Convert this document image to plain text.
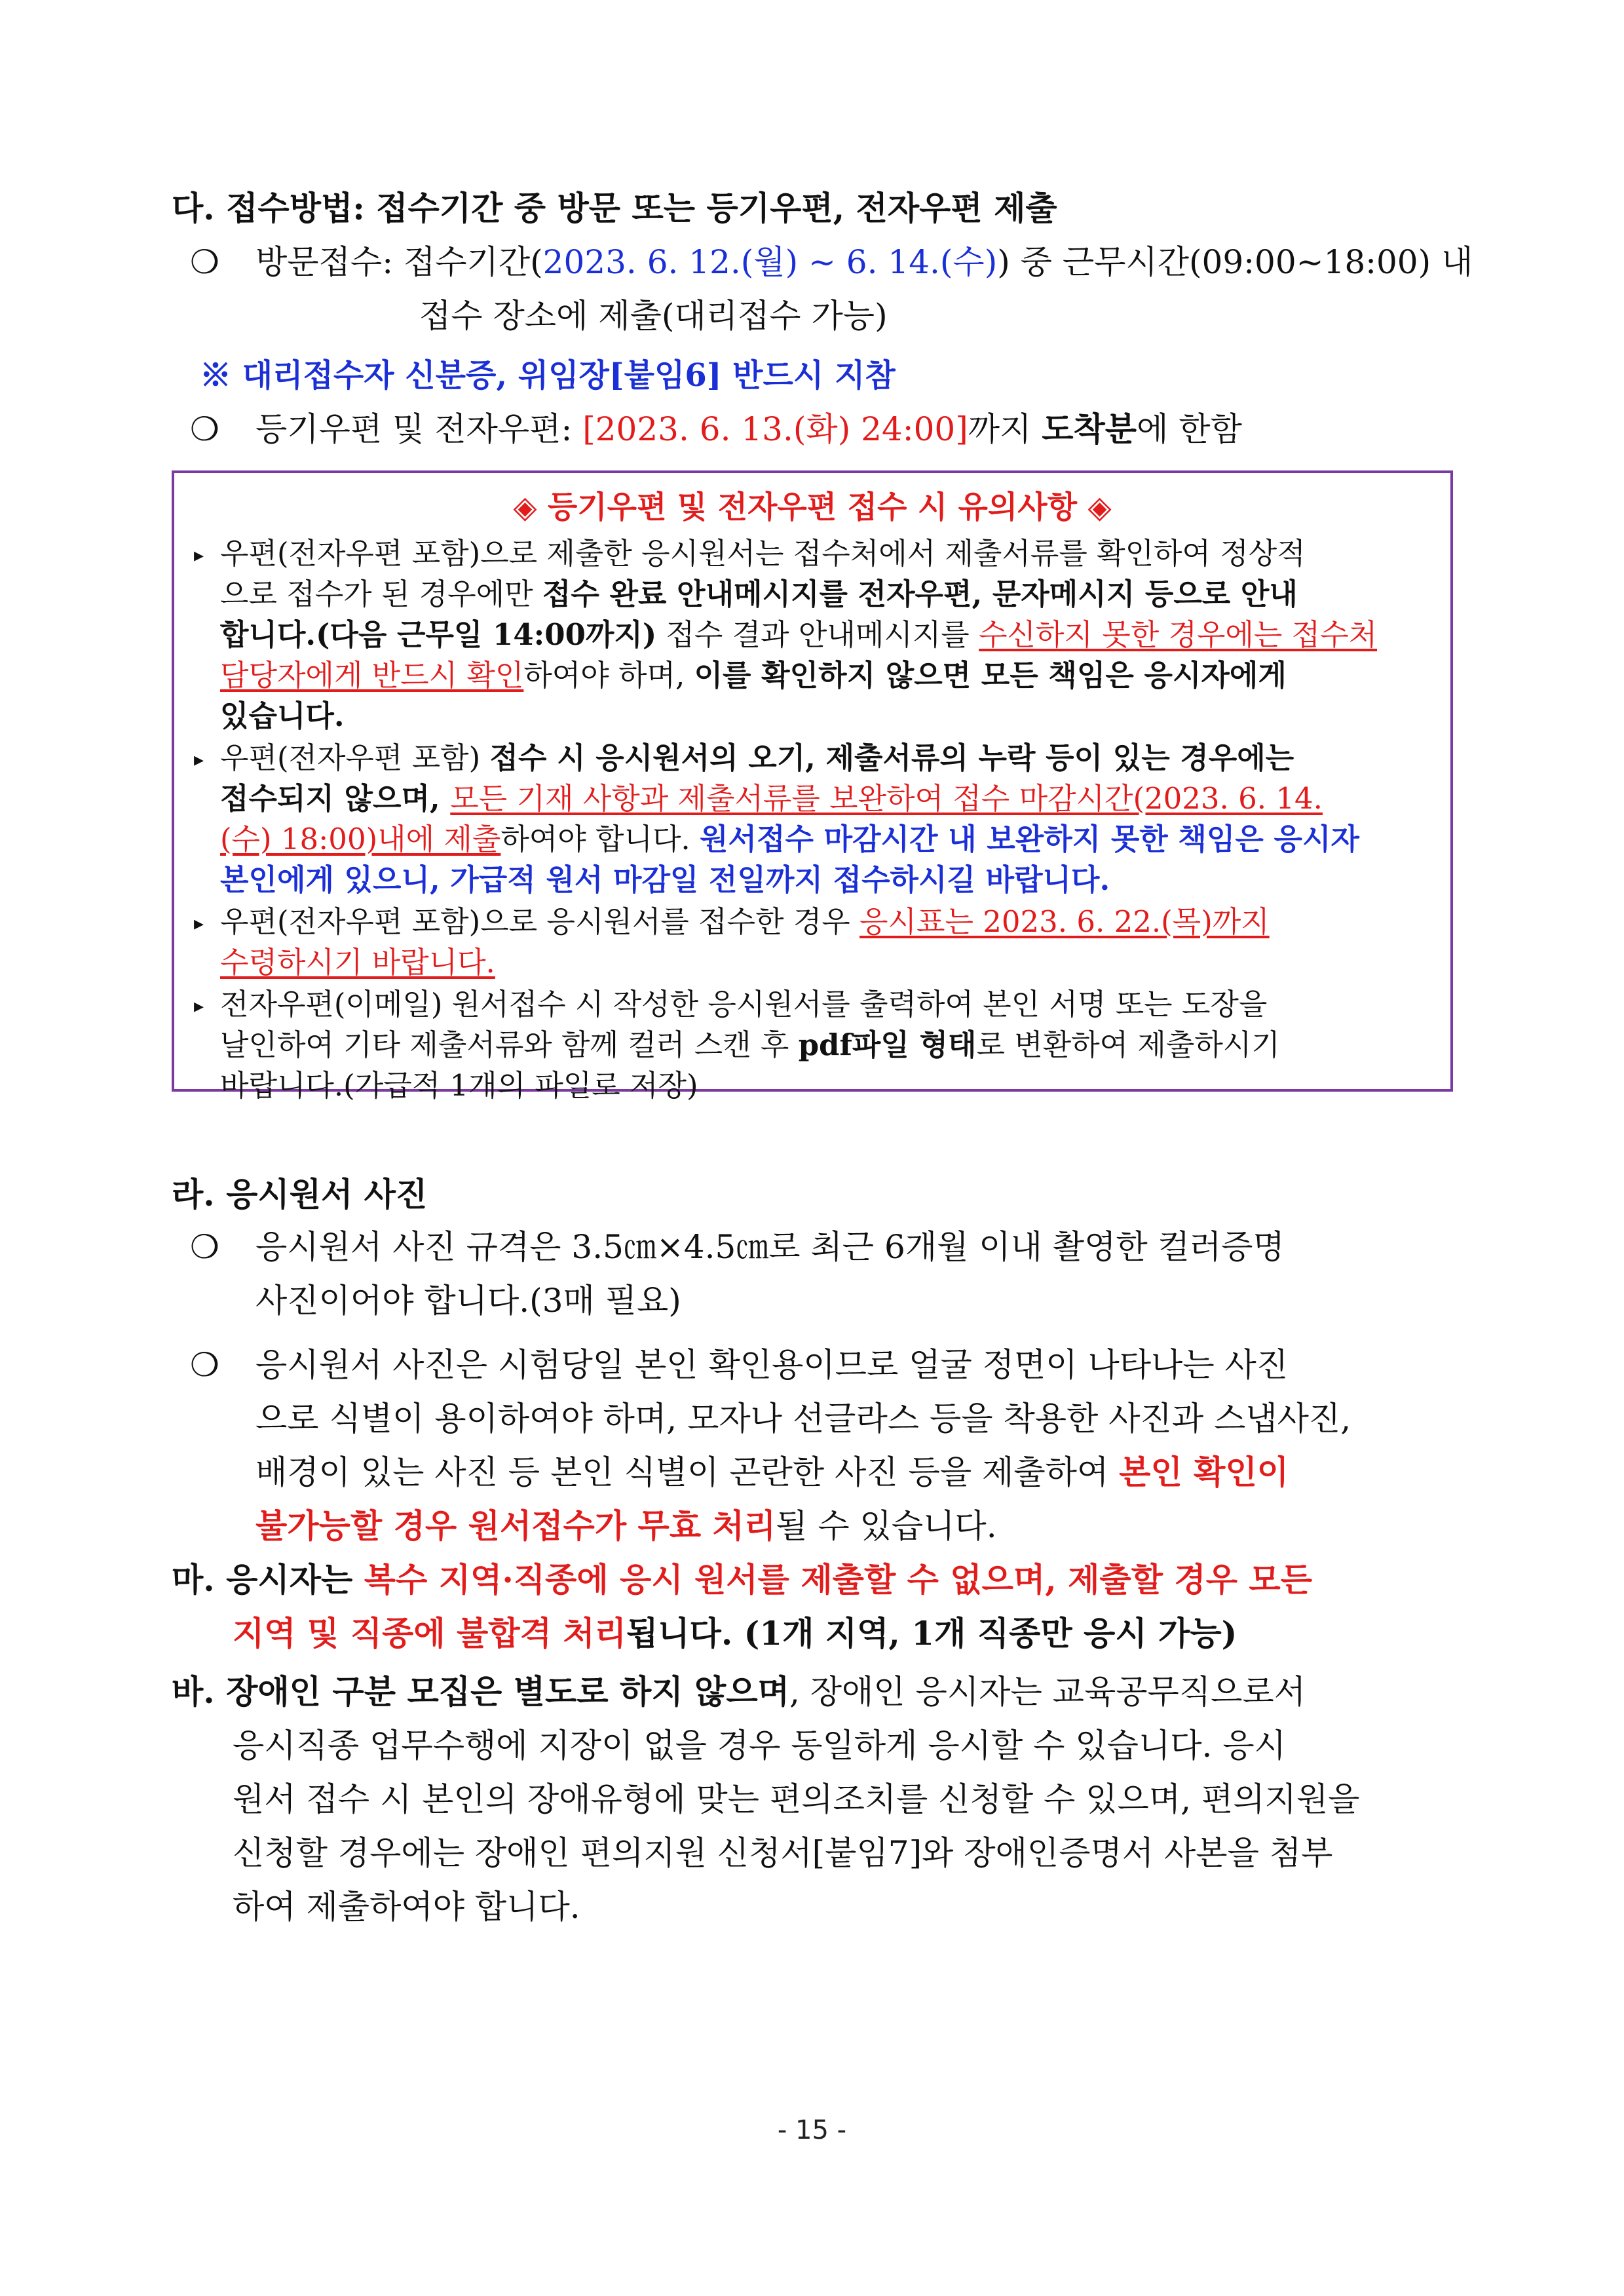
다. 접수방법: 접수기간 중 방문 또는 등기우편, 전자우편 제출
❍ 방문접수: 접수기간(2023. 6. 12.(월) ~ 6. 14.(수)) 중 근무시간(09:00~18:00) 내
접수 장소에 제출(대리접수 가능)
※ 대리접수자 신분증, 위임장[붙임6] 반드시 지참
❍ 등기우편 및 전자우편: [2023. 6. 13.(화) 24:00]까지 도착분에 한함
◈ 등기우편 및 전자우편 접수 시 유의사항 ◈
▸ 우편(전자우편 포함)으로 제출한 응시원서는 접수처에서 제출서류를 확인하여 정상적
으로 접수가 된 경우에만 접수 완료 안내메시지를 전자우편, 문자메시지 등으로 안내
합니다.(다음 근무일 14:00까지) 접수 결과 안내메시지를 수신하지 못한 경우에는 접수처
담당자에게 반드시 확인하여야 하며, 이를 확인하지 않으면 모든 책임은 응시자에게
있습니다.
▸ 우편(전자우편 포함) 접수 시 응시원서의 오기, 제출서류의 누락 등이 있는 경우에는
접수되지 않으며, 모든 기재 사항과 제출서류를 보완하여 접수 마감시간(2023. 6. 14.
(수) 18:00)내에 제출하여야 합니다. 원서접수 마감시간 내 보완하지 못한 책임은 응시자
본인에게 있으니, 가급적 원서 마감일 전일까지 접수하시길 바랍니다.
▸ 우편(전자우편 포함)으로 응시원서를 접수한 경우 응시표는 2023. 6. 22.(목)까지
수령하시기 바랍니다.
▸ 전자우편(이메일) 원서접수 시 작성한 응시원서를 출력하여 본인 서명 또는 도장을
날인하여 기타 제출서류와 함께 컬러 스캔 후 pdf파일 형태로 변환하여 제출하시기
바랍니다.(가급적 1개의 파일로 저장)
라. 응시원서 사진
❍ 응시원서 사진 규격은 3.5㎝×4.5㎝로 최근 6개월 이내 촬영한 컬러증명
사진이어야 합니다.(3매 필요)
❍ 응시원서 사진은 시험당일 본인 확인용이므로 얼굴 정면이 나타나는 사진
으로 식별이 용이하여야 하며, 모자나 선글라스 등을 착용한 사진과 스냅사진,
배경이 있는 사진 등 본인 식별이 곤란한 사진 등을 제출하여 본인 확인이
불가능할 경우 원서접수가 무효 처리될 수 있습니다.
마. 응시자는 복수 지역·직종에 응시 원서를 제출할 수 없으며, 제출할 경우 모든
지역 및 직종에 불합격 처리됩니다. (1개 지역, 1개 직종만 응시 가능)
바. 장애인 구분 모집은 별도로 하지 않으며, 장애인 응시자는 교육공무직으로서
응시직종 업무수행에 지장이 없을 경우 동일하게 응시할 수 있습니다. 응시
원서 접수 시 본인의 장애유형에 맞는 편의조치를 신청할 수 있으며, 편의지원을
신청할 경우에는 장애인 편의지원 신청서[붙임7]와 장애인증명서 사본을 첨부
하여 제출하여야 합니다.
- 15 -
